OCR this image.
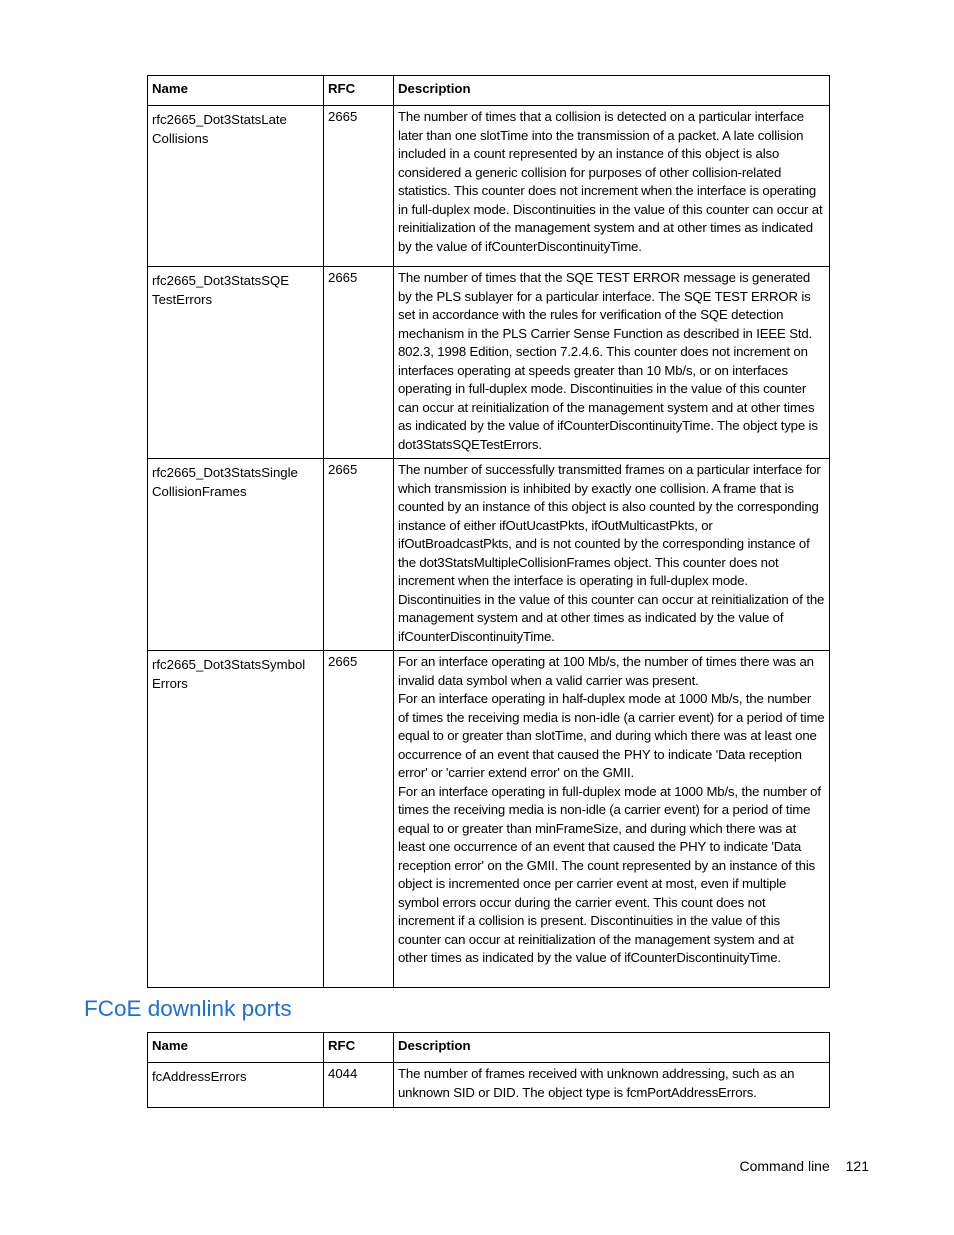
Name	RFC	Description
rfc2665_Dot3StatsLate Collisions	2665	The number of times that a collision is detected on a particular interface later than one slotTime into the transmission of a packet. A late collision included in a count represented by an instance of this object is also considered a generic collision for purposes of other collision-related statistics. This counter does not increment when the interface is operating in full-duplex mode. Discontinuities in the value of this counter can occur at reinitialization of the management system and at other times as indicated by the value of ifCounterDiscontinuityTime.

rfc2665_Dot3StatsSQE TestErrors	2665	The number of times that the SQE TEST ERROR message is generated by the PLS sublayer for a particular interface. The SQE TEST ERROR is set in accordance with the rules for verification of the SQE detection mechanism in the PLS Carrier Sense Function as described in IEEE Std. 802.3, 1998 Edition, section 7.2.4.6. This counter does not increment on interfaces operating at speeds greater than 10 Mb/s, or on interfaces operating in full-duplex mode. Discontinuities in the value of this counter can occur at reinitialization of the management system and at other times as indicated by the value of ifCounterDiscontinuityTime. The object type is dot3StatsSQETestErrors.

rfc2665_Dot3StatsSingle CollisionFrames	2665	The number of successfully transmitted frames on a particular interface for which transmission is inhibited by exactly one collision. A frame that is counted by an instance of this object is also counted by the corresponding instance of either ifOutUcastPkts, ifOutMulticastPkts, or ifOutBroadcastPkts, and is not counted by the corresponding instance of the dot3StatsMultipleCollisionFrames object. This counter does not increment when the interface is operating in full-duplex mode. Discontinuities in the value of this counter can occur at reinitialization of the management system and at other times as indicated by the value of ifCounterDiscontinuityTime.

rfc2665_Dot3StatsSymbol Errors	2665	For an interface operating at 100 Mb/s, the number of times there was an invalid data symbol when a valid carrier was present.
For an interface operating in half-duplex mode at 1000 Mb/s, the number of times the receiving media is non-idle (a carrier event) for a period of time equal to or greater than slotTime, and during which there was at least one occurrence of an event that caused the PHY to indicate 'Data reception error' or 'carrier extend error' on the GMII.
For an interface operating in full-duplex mode at 1000 Mb/s, the number of times the receiving media is non-idle (a carrier event) for a period of time equal to or greater than minFrameSize, and during which there was at least one occurrence of an event that caused the PHY to indicate 'Data reception error' on the GMII. The count represented by an instance of this object is incremented once per carrier event at most, even if multiple symbol errors occur during the carrier event. This count does not increment if a collision is present. Discontinuities in the value of this counter can occur at reinitialization of the management system and at other times as indicated by the value of ifCounterDiscontinuityTime.
FCoE downlink ports
Name	RFC	Description
fcAddressErrors	4044	The number of frames received with unknown addressing, such as an unknown SID or DID. The object type is fcmPortAddressErrors.
Command line 121
